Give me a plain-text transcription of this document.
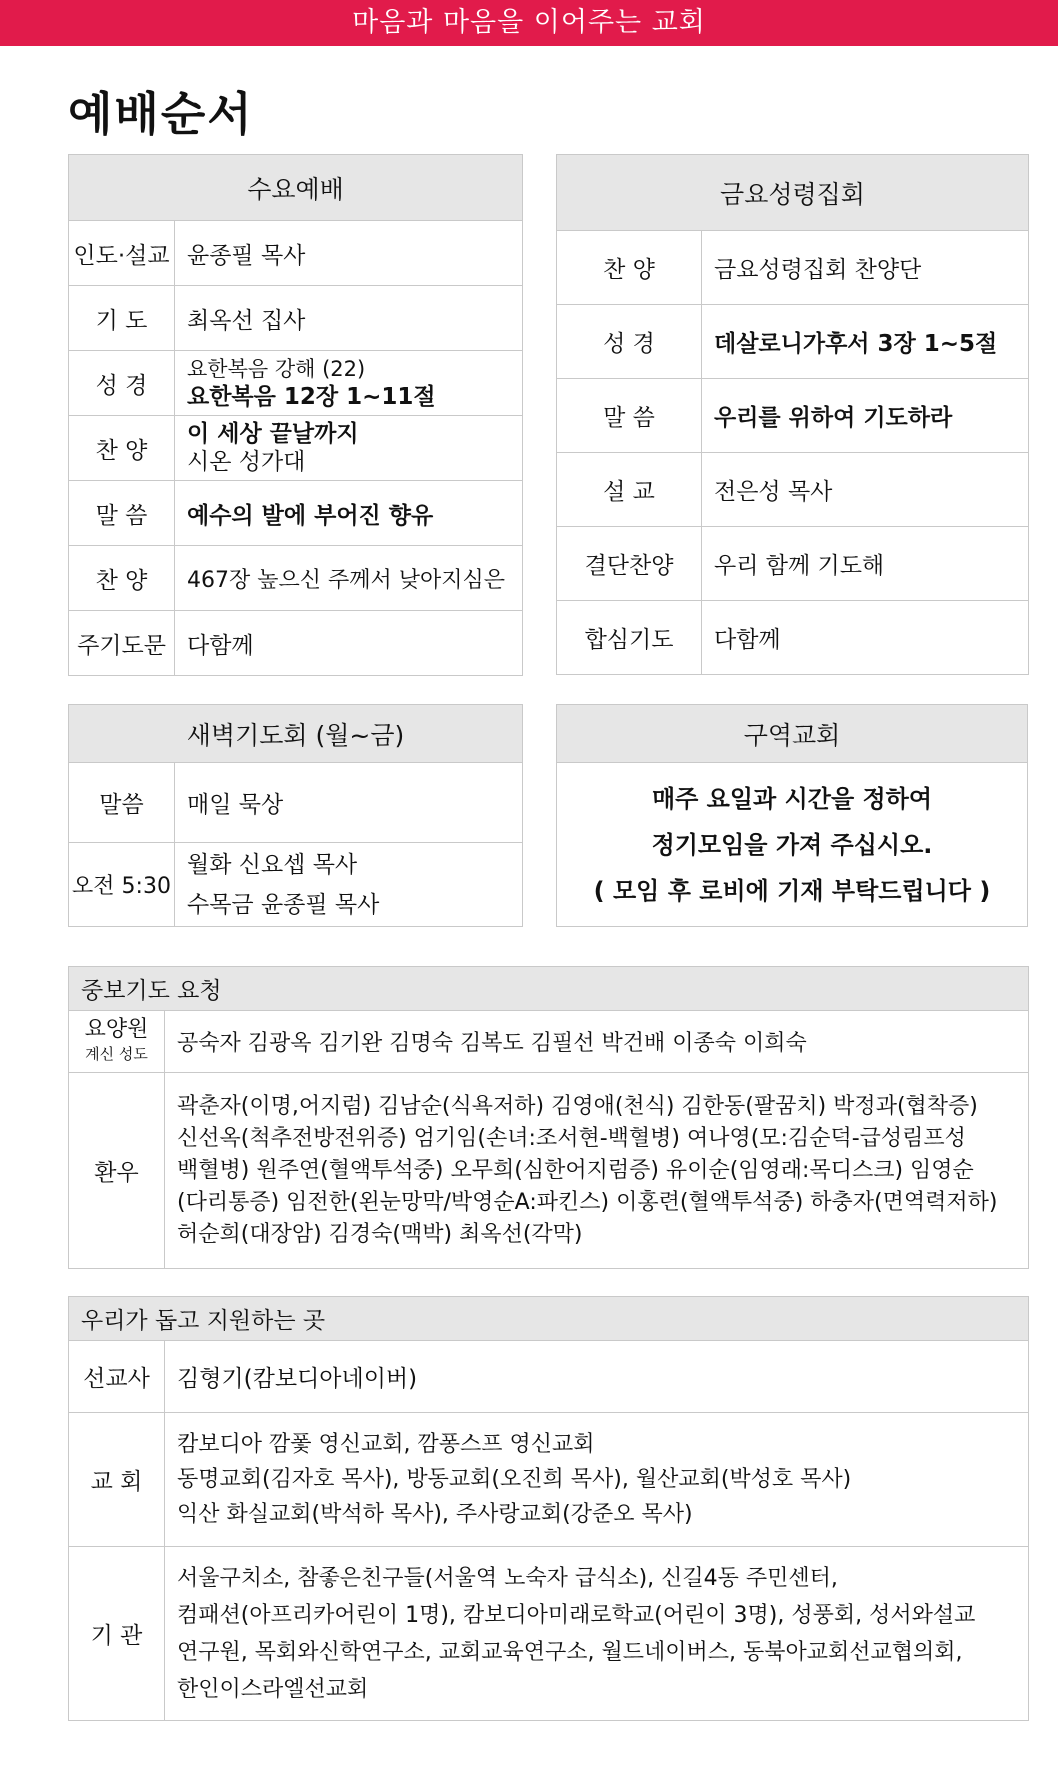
마음과 마음을 이어주는 교회
예배순서
수요예배	
인도·설교	윤종필 목사
기 도	최옥선 집사
성 경	요한복음 강해 (22)
요한복음 12장 1~11절

찬 양	이 세상 끝날까지
시온 성가대

말 씀	예수의 발에 부어진 향유
찬 양	467장 높으신 주께서 낮아지심은
주기도문	다함께
금요성령집회	
찬 양	금요성령집회 찬양단
성 경	데살로니가후서 3장 1~5절
말 씀	우리를 위하여 기도하라
설 교	전은성 목사
결단찬양	우리 함께 기도해
합심기도	다함께
새벽기도회 (월~금)	
말씀	매일 묵상
오전 5:30	월화 신요셉 목사
수목금 윤종필 목사
구역교회

매주 요일과 시간을 정하여
정기모임을 가져 주십시오.
( 모임 후 로비에 기재 부탁드립니다 )
중보기도 요청	

요양원
계신 성도	공숙자 김광옥 김기완 김명숙 김복도 김필선 박건배 이종숙 이희숙
환우	곽춘자(이명,어지럼) 김남순(식욕저하) 김영애(천식) 김한동(팔꿈치) 박정과(협착증)
신선옥(척추전방전위증) 엄기임(손녀:조서현-백혈병) 여나영(모:김순덕-급성림프성
백혈병) 원주연(혈액투석중) 오무희(심한어지럼증) 유이순(임영래:목디스크) 임영순
(다리통증) 임전한(왼눈망막/박영순A:파킨스) 이홍련(혈액투석중) 하충자(면역력저하)
허순희(대장암) 김경숙(맥박) 최옥선(각막)
우리가 돕고 지원하는 곳	
선교사	김형기(캄보디아네이버)
교 회	캄보디아 깜퐃 영신교회, 깜퐁스프 영신교회
동명교회(김자호 목사), 방동교회(오진희 목사), 월산교회(박성호 목사)
익산 화실교회(박석하 목사), 주사랑교회(강준오 목사)

기 관	서울구치소, 참좋은친구들(서울역 노숙자 급식소), 신길4동 주민센터,
컴패션(아프리카어린이 1명), 캄보디아미래로학교(어린이 3명), 성풍회, 성서와설교
연구원, 목회와신학연구소, 교회교육연구소, 월드네이버스, 동북아교회선교협의회,
한인이스라엘선교회
